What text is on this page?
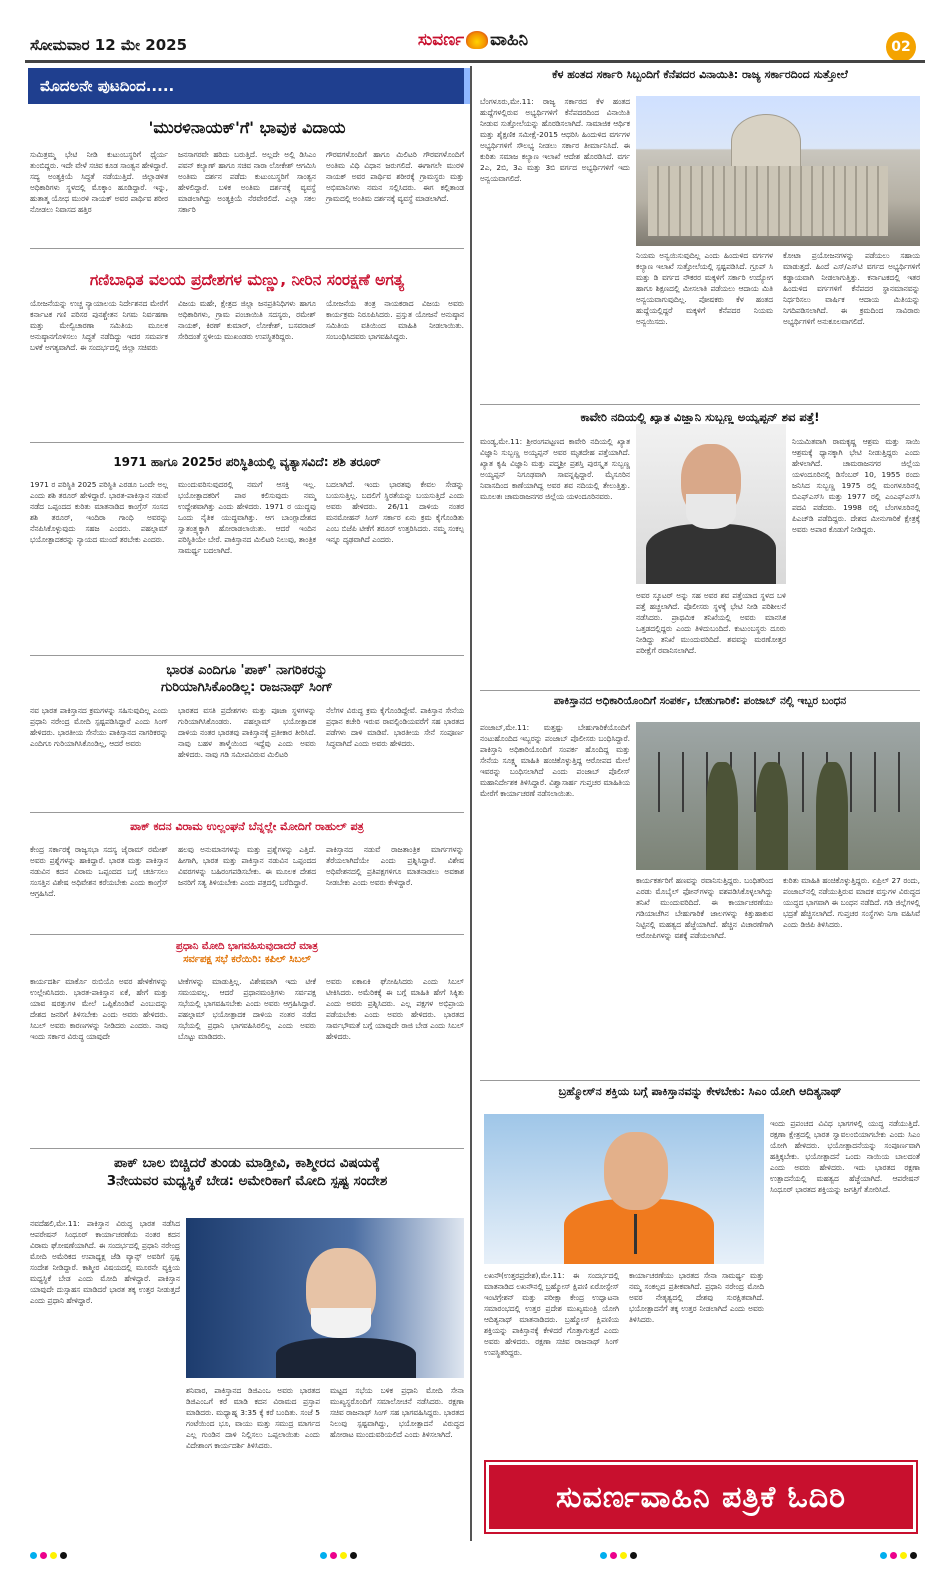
ಸೋಮವಾರ 12 ಮೇ 2025	ಸುವರ್ಣ ವಾಹಿನಿ	02
ಮೊದಲನೇ ಪುಟದಿಂದ.....
'ಮುರಳಿನಾಯಕ್'ಗೆ' ಭಾವುಕ ವಿದಾಯ
ಸುಮಿತ್ರಮ್ಮ ಭೇಟಿ ನೀಡಿ ಕುಟುಂಬಸ್ಥರಿಗೆ ಧೈರ್ಯ ತುಂಬಿದ್ದರು. ಇದೇ ವೇಳೆ ಸಚಿವ ಕೂಡ ಸಾಂತ್ವನ ಹೇಳಿದ್ದಾರೆ. ಸದ್ಯ ಅಂತ್ಯಕ್ರಿಯೆ ಸಿದ್ಧತೆ ನಡೆಯುತ್ತಿದೆ. ಜಿಲ್ಲಾಡಳಿತ ಅಧಿಕಾರಿಗಳು ಸ್ಥಳದಲ್ಲಿ ಮೊಕ್ಕಾಂ ಹೂಡಿದ್ದಾರೆ. ಇನ್ನು, ಹುತಾತ್ಮ ಯೋಧ ಮುರಳಿ ನಾಯಕ್ ಅವರ ಪಾರ್ಥಿವ ಶರೀರ ನೋಡಲು ನಿವಾಸದ ಹತ್ತಿರ
ಜನಸಾಗರವೇ ಹರಿದು ಬರುತ್ತಿದೆ. ಅಲ್ಲದೇ ಅಲ್ಲಿ ಡಿಸಿಎಂ ಪವನ್ ಕಲ್ಯಾಣ್ ಹಾಗೂ ಸಚಿವ ನಾರಾ ಲೋಕೇಶ್ ಆಗಮಿಸಿ ಅಂತಿಮ ದರ್ಶನ ಪಡೆದು ಕುಟುಂಬಸ್ಥರಿಗೆ ಸಾಂತ್ವನ ಹೇಳಲಿದ್ದಾರೆ. ಬಳಿಕ ಅಂತಿಮ ದರ್ಶನಕ್ಕೆ ವ್ಯವಸ್ಥೆ ಮಾಡಲಾಗಿದ್ದು ಅಂತ್ಯಕ್ರಿಯೆ ನೆರವೇರಲಿದೆ. ಎಲ್ಲಾ ಸಕಲ ಸರ್ಕಾರಿ
ಗೌರವಗಳೊಂದಿಗೆ ಹಾಗೂ ಮಿಲಿಟರಿ ಗೌರವಗಳೊಂದಿಗೆ ಅಂತಿಮ ವಿಧಿ ವಿಧಾನ ಜರುಗಲಿದೆ. ಈಗಾಗಲೇ ಮುರಳಿ ನಾಯಕ್ ಅವರ ಪಾರ್ಥಿವ ಶರೀರಕ್ಕೆ ಗ್ರಾಮಸ್ಥರು ಮತ್ತು ಅಭಿಮಾನಿಗಳು ನಮನ ಸಲ್ಲಿಸಿದರು. ಈಗ ಕಲ್ಲಿತಾಂಡ ಗ್ರಾಮದಲ್ಲಿ ಅಂತಿಮ ದರ್ಶನಕ್ಕೆ ವ್ಯವಸ್ಥೆ ಮಾಡಲಾಗಿದೆ.
ಗಣಿಬಾಧಿತ ವಲಯ ಪ್ರದೇಶಗಳ ಮಣ್ಣು, ನೀರಿನ ಸಂರಕ್ಷಣೆ ಅಗತ್ಯ
ಯೋಜನೆಯನ್ನು ಉಚ್ಚ ನ್ಯಾಯಾಲಯ ನಿರ್ದೇಶನದ ಮೇರೆಗೆ ಕರ್ನಾಟಕ ಗಣಿ ಪರಿಸರ ಪುನಶ್ಚೇತನ ನಿಗಮ ನಿರ್ವಹಣಾ ಮತ್ತು ಮೇಲ್ವಿಚಾರಣಾ ಸಮಿತಿಯ ಮೂಲಕ ಅನುಷ್ಠಾನಗೊಳಿಸಲು ಸಿದ್ಧತೆ ನಡೆದಿದ್ದು ಇದರ ಸಮರ್ಪಕ ಬಳಕೆ ಅಗತ್ಯವಾಗಿದೆ. ಈ ಸಂದರ್ಭದಲ್ಲಿ ಜಿಲ್ಲಾ ಸಚಿವರು
ವಿಜಯ ಮಹೇ, ಕ್ಷೇತ್ರದ ಜಿಲ್ಲಾ ಜನಪ್ರತಿನಿಧಿಗಳು ಹಾಗೂ ಅಧಿಕಾರಿಗಳು, ಗ್ರಾಮ ಪಂಚಾಯಿತಿ ಸದಸ್ಯರು, ರಮೇಶ್ ನಾಯಕ್, ಕಿರಣ್ ಕುಮಾರ್, ಲೋಕೇಶ್, ಬಸವರಾಜ್ ಸೇರಿದಂತೆ ಸ್ಥಳೀಯ ಮುಖಂಡರು ಉಪಸ್ಥಿತರಿದ್ದರು.
ಯೋಜನೆಯ ತಂತ್ರ ನಾಯಕರಾದ ವಿಜಯ ಅವರು ಕಾರ್ಯಕ್ರಮ ನಿರೂಪಿಸಿದರು. ಪ್ರಸ್ತುತ ಯೋಜನೆ ಅನುಷ್ಠಾನ ಸಮಿತಿಯ ವತಿಯಿಂದ ಮಾಹಿತಿ ನೀಡಲಾಯಿತು. ಸಂಬಂಧಿಸಿದವರು ಭಾಗವಹಿಸಿದ್ದರು.
1971 ಹಾಗೂ 2025ರ ಪರಿಸ್ಥಿತಿಯಲ್ಲಿ ವ್ಯತ್ಯಾಸವಿದೆ: ಶಶಿ ತರೂರ್
1971 ರ ಪರಿಸ್ಥಿತಿ 2025 ಪರಿಸ್ಥಿತಿ ಎರಡೂ ಒಂದೇ ಅಲ್ಲ ಎಂದು ಶಶಿ ತರೂರ್ ಹೇಳಿದ್ದಾರೆ. ಭಾರತ-ಪಾಕಿಸ್ತಾನ ನಡುವೆ ನಡೆದ ಒಪ್ಪಂದದ ಕುರಿತು ಮಾತನಾಡಿದ ಕಾಂಗ್ರೆಸ್ ಸಂಸದ ಶಶಿ ತರೂರ್, ಇಂದಿರಾ ಗಾಂಧಿ ಅವರನ್ನು ನೆನಪಿಸಿಕೊಳ್ಳುವುದು ಸಹಜ ಎಂದರು. ಪಹಲ್ಗಾಮ್ ಭಯೋತ್ಪಾದಕರನ್ನು ನ್ಯಾಯದ ಮುಂದೆ ತರಬೇಕು ಎಂದರು.
ಮುಂದುವರಿಸುವುದರಲ್ಲಿ ನಮಗೆ ಆಸಕ್ತಿ ಇಲ್ಲ. ಭಯೋತ್ಪಾದಕರಿಗೆ ಪಾಠ ಕಲಿಸುವುದು ನಮ್ಮ ಉದ್ದೇಶವಾಗಿತ್ತು ಎಂದು ಹೇಳಿದರು. 1971 ರ ಯುದ್ಧವು ಒಂದು ನೈತಿಕ ಯುದ್ಧವಾಗಿತ್ತು. ಆಗ ಬಾಂಗ್ಲಾದೇಶದ ಸ್ವಾತಂತ್ರ್ಯಕ್ಕಾಗಿ ಹೋರಾಡಲಾಯಿತು. ಆದರೆ ಇಂದಿನ ಪರಿಸ್ಥಿತಿಯೇ ಬೇರೆ. ಪಾಕಿಸ್ತಾನದ ಮಿಲಿಟರಿ ನಿಲುವು, ತಾಂತ್ರಿಕ ಸಾಮರ್ಥ್ಯ ಬದಲಾಗಿದೆ.
ಬದಲಾಗಿದೆ. ಇಂದು ಭಾರತವು ಕೇವಲ ಸೇಡನ್ನು ಬಯಸುತ್ತಿಲ್ಲ. ಬದಲಿಗೆ ಸ್ಥಿರತೆಯನ್ನು ಬಯಸುತ್ತಿದೆ ಎಂದು ಅವರು ಹೇಳಿದರು. 26/11 ದಾಳಿಯ ನಂತರ ಮನಮೋಹನ್ ಸಿಂಗ್ ಸರ್ಕಾರ ಏನು ಕ್ರಮ ಕೈಗೊಂಡಿತು ಎಂಬ ಬಿಜೆಪಿ ಟೀಕೆಗೆ ತರೂರ್ ಉತ್ತರಿಸಿದರು. ನಮ್ಮ ಸಂಕಲ್ಪ ಇನ್ನೂ ದೃಢವಾಗಿದೆ ಎಂದರು.
ಭಾರತ ಎಂದಿಗೂ 'ಪಾಕ್' ನಾಗರಿಕರನ್ನು
ಗುರಿಯಾಗಿಸಿಕೊಂಡಿಲ್ಲ: ರಾಜನಾಥ್ ಸಿಂಗ್
ನವ ಭಾರತ ಪಾಕಿಸ್ತಾನದ ಕ್ರಮಗಳನ್ನು ಸಹಿಸುವುದಿಲ್ಲ ಎಂದು ಪ್ರಧಾನಿ ನರೇಂದ್ರ ಮೋದಿ ಸ್ಪಷ್ಟಪಡಿಸಿದ್ದಾರೆ ಎಂದು ಸಿಂಗ್ ಹೇಳಿದರು. ಭಾರತೀಯ ಸೇನೆಯು ಪಾಕಿಸ್ತಾನದ ನಾಗರಿಕರನ್ನು ಎಂದಿಗೂ ಗುರಿಯಾಗಿಸಿಕೊಂಡಿಲ್ಲ, ಆದರೆ ಅವರು
ಭಾರತದ ವಸತಿ ಪ್ರದೇಶಗಳು ಮತ್ತು ಪೂಜಾ ಸ್ಥಳಗಳನ್ನು ಗುರಿಯಾಗಿಸಿಕೊಂಡರು. ಪಹಲ್ಗಾಮ್ ಭಯೋತ್ಪಾದಕ ದಾಳಿಯ ನಂತರ ಭಾರತವು ಪಾಕಿಸ್ತಾನಕ್ಕೆ ಪ್ರತೀಕಾರ ತೀರಿಸಿದೆ. ನಾವು ಬಹಳ ತಾಳ್ಮೆಯಿಂದ ಇದ್ದೆವು ಎಂದು ಅವರು ಹೇಳಿದರು. ನಾವು ಗಡಿ ಸಮೀಪವಿರುವ ಮಿಲಿಟರಿ
ನೆಲೆಗಳ ವಿರುದ್ಧ ಕ್ರಮ ಕೈಗೊಂಡಿದ್ದೇವೆ. ಪಾಕಿಸ್ತಾನ ಸೇನೆಯ ಪ್ರಧಾನ ಕಚೇರಿ ಇರುವ ರಾವಲ್ಪಿಂಡಿಯವರೆಗೆ ಸಹ ಭಾರತದ ಪಡೆಗಳು ದಾಳಿ ಮಾಡಿವೆ. ಭಾರತೀಯ ಸೇನೆ ಸಂಪೂರ್ಣ ಸಿದ್ಧವಾಗಿದೆ ಎಂದು ಅವರು ಹೇಳಿದರು.
ಪಾಕ್ ಕದನ ವಿರಾಮ ಉಲ್ಲಂಘನೆ ಬೆನ್ನಲ್ಲೇ ಮೋದಿಗೆ ರಾಹುಲ್ ಪತ್ರ
ಕೇಂದ್ರ ಸರ್ಕಾರಕ್ಕೆ ರಾಜ್ಯಸಭಾ ಸದಸ್ಯ ಜೈರಾಮ್ ರಮೇಶ್ ಅವರು ಪ್ರಶ್ನೆಗಳನ್ನು ಹಾಕಿದ್ದಾರೆ. ಭಾರತ ಮತ್ತು ಪಾಕಿಸ್ತಾನ ನಡುವಿನ ಕದನ ವಿರಾಮ ಒಪ್ಪಂದದ ಬಗ್ಗೆ ಚರ್ಚಿಸಲು ಸಂಸತ್ತಿನ ವಿಶೇಷ ಅಧಿವೇಶನ ಕರೆಯಬೇಕು ಎಂದು ಕಾಂಗ್ರೆಸ್ ಆಗ್ರಹಿಸಿದೆ.
ಹಲವು ಅನುಮಾನಗಳನ್ನು ಮತ್ತು ಪ್ರಶ್ನೆಗಳನ್ನು ಎತ್ತಿದೆ. ಹೀಗಾಗಿ, ಭಾರತ ಮತ್ತು ಪಾಕಿಸ್ತಾನ ನಡುವಿನ ಒಪ್ಪಂದದ ವಿವರಗಳನ್ನು ಬಹಿರಂಗಪಡಿಸಬೇಕು. ಈ ಮೂಲಕ ದೇಶದ ಜನರಿಗೆ ಸತ್ಯ ತಿಳಿಯಬೇಕು ಎಂದು ಪತ್ರದಲ್ಲಿ ಬರೆದಿದ್ದಾರೆ.
ಪಾಕಿಸ್ತಾನದ ನಡುವೆ ರಾಜತಾಂತ್ರಿಕ ಮಾರ್ಗಗಳನ್ನು ತೆರೆಯಲಾಗಿದೆಯೇ ಎಂದು ಪ್ರಶ್ನಿಸಿದ್ದಾರೆ. ವಿಶೇಷ ಅಧಿವೇಶನದಲ್ಲಿ ಪ್ರತಿಪಕ್ಷಗಳಿಗೂ ಮಾತನಾಡಲು ಅವಕಾಶ ನೀಡಬೇಕು ಎಂದು ಅವರು ಕೇಳಿದ್ದಾರೆ.
ಪ್ರಧಾನಿ ಮೋದಿ ಭಾಗವಹಿಸುವುದಾದರೆ ಮಾತ್ರ
ಸರ್ವಪಕ್ಷ ಸಭೆ ಕರೆಯಿರಿ: ಕಪಿಲ್ ಸಿಬಲ್
ಕಾರ್ಯದರ್ಶಿ ಮಾರ್ಕೊ ರುಬಿಯೊ ಅವರ ಹೇಳಿಕೆಗಳನ್ನು ಉಲ್ಲೇಖಿಸಿದರು. ಭಾರತ-ಪಾಕಿಸ್ತಾನ ಏಕೆ, ಹೇಗೆ ಮತ್ತು ಯಾವ ಷರತ್ತುಗಳ ಮೇಲೆ ಒಪ್ಪಿಕೊಂಡಿವೆ ಎಂಬುದನ್ನು ದೇಶದ ಜನರಿಗೆ ತಿಳಿಸಬೇಕು ಎಂದು ಅವರು ಹೇಳಿದರು. ಸಿಬಲ್ ಅವರು ಕಾರಣಗಳನ್ನು ನೀಡಿದರು ಎಂದರು. ನಾವು ಇಂದು ಸರ್ಕಾರ ವಿರುದ್ಧ ಯಾವುದೇ
ಟೀಕೆಗಳನ್ನು ಮಾಡುತ್ತಿಲ್ಲ. ವಿಶೇಷವಾಗಿ ಇದು ಟೀಕೆ ಸಮಯವಲ್ಲ. ಆದರೆ ಪ್ರಧಾನಮಂತ್ರಿಗಳು ಸರ್ವಪಕ್ಷ ಸಭೆಯಲ್ಲಿ ಭಾಗವಹಿಸಬೇಕು ಎಂದು ಅವರು ಆಗ್ರಹಿಸಿದ್ದಾರೆ. ಪಹಲ್ಗಾಮ್ ಭಯೋತ್ಪಾದಕ ದಾಳಿಯ ನಂತರ ನಡೆದ ಸಭೆಯಲ್ಲಿ ಪ್ರಧಾನಿ ಭಾಗವಹಿಸಿರಲಿಲ್ಲ ಎಂದು ಅವರು ಬೊಟ್ಟು ಮಾಡಿದರು.
ಅವರು ಏಕಾಏಕಿ ಘೋಷಿಸಿದರು ಎಂದು ಸಿಬಲ್ ಟೀಕಿಸಿದರು. ಅಮೆರಿಕಕ್ಕೆ ಈ ಬಗ್ಗೆ ಮಾಹಿತಿ ಹೇಗೆ ಸಿಕ್ಕಿತು ಎಂದು ಅವರು ಪ್ರಶ್ನಿಸಿದರು. ಎಲ್ಲ ಪಕ್ಷಗಳ ಅಭಿಪ್ರಾಯ ಪಡೆಯಬೇಕು ಎಂದು ಅವರು ಹೇಳಿದರು. ಭಾರತದ ಸಾರ್ವಭೌಮತೆ ಬಗ್ಗೆ ಯಾವುದೇ ರಾಜಿ ಬೇಡ ಎಂದು ಸಿಬಲ್ ಹೇಳಿದರು.
ಪಾಕ್ ಬಾಲ ಬಿಚ್ಚಿದರೆ ತುಂಡು ಮಾಡ್ತೀವಿ, ಕಾಶ್ಮೀರದ ವಿಷಯಕ್ಕೆ
3ನೇಯವರ ಮಧ್ಯಸ್ಥಿಕೆ ಬೇಡ: ಅಮೇರಿಕಾಗೆ ಮೋದಿ ಸ್ಪಷ್ಟ ಸಂದೇಶ
ನವದೆಹಲಿ,ಮೇ.11: ಪಾಕಿಸ್ತಾನ ವಿರುದ್ಧ ಭಾರತ ನಡೆಸಿದ ಆಪರೇಷನ್ ಸಿಂಧೂರ್ ಕಾರ್ಯಾಚರಣೆಯ ನಂತರ ಕದನ ವಿರಾಮ ಘೋಷಣೆಯಾಗಿದೆ. ಈ ಸಂದರ್ಭದಲ್ಲಿ ಪ್ರಧಾನಿ ನರೇಂದ್ರ ಮೋದಿ ಅಮೆರಿಕದ ಉಪಾಧ್ಯಕ್ಷ ಜೆಡಿ ವ್ಯಾನ್ಸ್ ಅವರಿಗೆ ಸ್ಪಷ್ಟ ಸಂದೇಶ ನೀಡಿದ್ದಾರೆ. ಕಾಶ್ಮೀರ ವಿಷಯದಲ್ಲಿ ಮೂರನೇ ವ್ಯಕ್ತಿಯ ಮಧ್ಯಸ್ಥಿಕೆ ಬೇಡ ಎಂದು ಮೋದಿ ಹೇಳಿದ್ದಾರೆ. ಪಾಕಿಸ್ತಾನ ಯಾವುದೇ ದುಸ್ಸಾಹಸ ಮಾಡಿದರೆ ಭಾರತ ತಕ್ಕ ಉತ್ತರ ನೀಡುತ್ತದೆ ಎಂದು ಪ್ರಧಾನಿ ಹೇಳಿದ್ದಾರೆ.
ಶನಿವಾರ, ಪಾಕಿಸ್ತಾನದ ಡಿಜಿಎಂಒ ಅವರು ಭಾರತದ ಡಿಜಿಎಂಒಗೆ ಕರೆ ಮಾಡಿ ಕದನ ವಿರಾಮದ ಪ್ರಸ್ತಾಪ ಮಾಡಿದರು. ಮಧ್ಯಾಹ್ನ 3:35 ಕ್ಕೆ ಕರೆ ಬಂದಿತು. ಸಂಜೆ 5 ಗಂಟೆಯಿಂದ ಭೂ, ವಾಯು ಮತ್ತು ಸಮುದ್ರ ಮಾರ್ಗದ ಎಲ್ಲ ಗುಂಡಿನ ದಾಳಿ ನಿಲ್ಲಿಸಲು ಒಪ್ಪಲಾಯಿತು ಎಂದು ವಿದೇಶಾಂಗ ಕಾರ್ಯದರ್ಶಿ ತಿಳಿಸಿದರು.
ಮಟ್ಟದ ಸಭೆಯ ಬಳಿಕ ಪ್ರಧಾನಿ ಮೋದಿ ಸೇನಾ ಮುಖ್ಯಸ್ಥರೊಂದಿಗೆ ಸಮಾಲೋಚನೆ ನಡೆಸಿದರು. ರಕ್ಷಣಾ ಸಚಿವ ರಾಜನಾಥ್ ಸಿಂಗ್ ಸಹ ಭಾಗವಹಿಸಿದ್ದರು. ಭಾರತದ ನಿಲುವು ಸ್ಪಷ್ಟವಾಗಿದ್ದು, ಭಯೋತ್ಪಾದನೆ ವಿರುದ್ಧದ ಹೋರಾಟ ಮುಂದುವರಿಯಲಿದೆ ಎಂದು ತಿಳಿಸಲಾಗಿದೆ.
ಕೆಳ ಹಂತದ ಸರ್ಕಾರಿ ಸಿಬ್ಬಂದಿಗೆ ಕೆನೆಪದರ ವಿನಾಯಿತಿ: ರಾಜ್ಯ ಸರ್ಕಾರದಿಂದ ಸುತ್ತೋಲೆ
ಬೆಂಗಳೂರು,ಮೇ.11: ರಾಜ್ಯ ಸರ್ಕಾರದ ಕೆಳ ಹಂತದ ಹುದ್ದೆಗಳಲ್ಲಿರುವ ಅಭ್ಯರ್ಥಿಗಳಿಗೆ ಕೆನೆಪದರದಿಂದ ವಿನಾಯಿತಿ ನೀಡುವ ಸುತ್ತೋಲೆಯನ್ನು ಹೊರಡಿಸಲಾಗಿದೆ. ಸಾಮಾಜಿಕ ಆರ್ಥಿಕ ಮತ್ತು ಶೈಕ್ಷಣಿಕ ಸಮೀಕ್ಷೆ-2015 ಆಧರಿಸಿ ಹಿಂದುಳಿದ ವರ್ಗಗಳ ಅಭ್ಯರ್ಥಿಗಳಿಗೆ ಸೌಲಭ್ಯ ನೀಡಲು ಸರ್ಕಾರ ತೀರ್ಮಾನಿಸಿದೆ. ಈ ಕುರಿತು ಸಮಾಜ ಕಲ್ಯಾಣ ಇಲಾಖೆ ಆದೇಶ ಹೊರಡಿಸಿದೆ. ವರ್ಗ 2ಎ, 2ಬಿ, 3ಎ ಮತ್ತು 3ಬಿ ವರ್ಗದ ಅಭ್ಯರ್ಥಿಗಳಿಗೆ ಇದು ಅನ್ವಯವಾಗಲಿದೆ.
ನಿಯಮ ಅನ್ವಯಿಸುವುದಿಲ್ಲ ಎಂದು ಹಿಂದುಳಿದ ವರ್ಗಗಳ ಕಲ್ಯಾಣ ಇಲಾಖೆ ಸುತ್ತೋಲೆಯಲ್ಲಿ ಸ್ಪಷ್ಟಪಡಿಸಿದೆ. ಗ್ರೂಪ್ ಸಿ ಮತ್ತು ಡಿ ವರ್ಗದ ನೌಕರರ ಮಕ್ಕಳಿಗೆ ಸರ್ಕಾರಿ ಉದ್ಯೋಗ ಹಾಗೂ ಶಿಕ್ಷಣದಲ್ಲಿ ಮೀಸಲಾತಿ ಪಡೆಯಲು ಆದಾಯ ಮಿತಿ ಅನ್ವಯವಾಗುವುದಿಲ್ಲ. ಪೋಷಕರು ಕೆಳ ಹಂತದ ಹುದ್ದೆಯಲ್ಲಿದ್ದರೆ ಮಕ್ಕಳಿಗೆ ಕೆನೆಪದರ ನಿಯಮ ಅನ್ವಯಿಸದು.
ಕೋಟಾ ಪ್ರಯೋಜನಗಳನ್ನು ಪಡೆಯಲು ಸಹಾಯ ಮಾಡುತ್ತದೆ. ಹಿಂದೆ ಎಸ್‌/ಎಸ್‌ಟಿ ವರ್ಗದ ಅಭ್ಯರ್ಥಿಗಳಿಗೆ ಕಡ್ಡಾಯವಾಗಿ ನೀಡಲಾಗುತ್ತಿತ್ತು. ಕರ್ನಾಟಕದಲ್ಲಿ ಇತರ ಹಿಂದುಳಿದ ವರ್ಗಗಳಿಗೆ ಕೆನೆಪದರ ಸ್ಥಾನಮಾನವನ್ನು ನಿರ್ಧರಿಸಲು ವಾರ್ಷಿಕ ಆದಾಯ ಮಿತಿಯನ್ನು ನಿಗದಿಪಡಿಸಲಾಗಿದೆ. ಈ ಕ್ರಮದಿಂದ ಸಾವಿರಾರು ಅಭ್ಯರ್ಥಿಗಳಿಗೆ ಅನುಕೂಲವಾಗಲಿದೆ.
ಕಾವೇರಿ ನದಿಯಲ್ಲಿ ಖ್ಯಾತ ವಿಜ್ಞಾನಿ ಸುಬ್ಬಣ್ಣ ಅಯ್ಯಪ್ಪನ್ ಶವ ಪತ್ತೆ!
ಮಂಡ್ಯ,ಮೇ.11: ಶ್ರೀರಂಗಪಟ್ಟಣದ ಕಾವೇರಿ ನದಿಯಲ್ಲಿ ಖ್ಯಾತ ವಿಜ್ಞಾನಿ ಸುಬ್ಬಣ್ಣ ಅಯ್ಯಪ್ಪನ್ ಅವರ ಮೃತದೇಹ ಪತ್ತೆಯಾಗಿದೆ. ಖ್ಯಾತ ಕೃಷಿ ವಿಜ್ಞಾನಿ ಮತ್ತು ಪದ್ಮಶ್ರೀ ಪ್ರಶಸ್ತಿ ಪುರಸ್ಕೃತ ಸುಬ್ಬಣ್ಣ ಅಯ್ಯಪ್ಪನ್ ನಿಗೂಢವಾಗಿ ಸಾವನ್ನಪ್ಪಿದ್ದಾರೆ. ಮೈಸೂರಿನ ನಿವಾಸದಿಂದ ಕಾಣೆಯಾಗಿದ್ದ ಅವರ ಶವ ನದಿಯಲ್ಲಿ ತೇಲುತ್ತಿತ್ತು. ಮೂಲತಃ ಚಾಮರಾಜನಗರ ಜಿಲ್ಲೆಯ ಯಳಂದೂರಿನವರು.
ನಿಯಮಿತವಾಗಿ ರಾಮಕೃಷ್ಣ ಆಶ್ರಮ ಮತ್ತು ಸಾಯಿ ಆಶ್ರಮಕ್ಕೆ ಧ್ಯಾನಕ್ಕಾಗಿ ಭೇಟಿ ನೀಡುತ್ತಿದ್ದರು ಎಂದು ಹೇಳಲಾಗಿದೆ. ಚಾಮರಾಜನಗರ ಜಿಲ್ಲೆಯ ಯಳಂದೂರಿನಲ್ಲಿ ಡಿಸೆಂಬರ್ 10, 1955 ರಂದು ಜನಿಸಿದ ಸುಬ್ಬಣ್ಣ 1975 ರಲ್ಲಿ ಮಂಗಳೂರಿನಲ್ಲಿ ಬಿಎಫ್‌ಎಸ್‌ಸಿ ಮತ್ತು 1977 ರಲ್ಲಿ ಎಂಎಫ್‌ಎಸ್‌ಸಿ ಪದವಿ ಪಡೆದರು. 1998 ರಲ್ಲಿ ಬೆಂಗಳೂರಿನಲ್ಲಿ ಪಿಎಚ್‌ಡಿ ಪಡೆದಿದ್ದರು. ದೇಶದ ಮೀನುಗಾರಿಕೆ ಕ್ಷೇತ್ರಕ್ಕೆ ಅವರು ಅಪಾರ ಕೊಡುಗೆ ನೀಡಿದ್ದರು.
ಅವರ ಸ್ಕೂಟರ್ ಅನ್ನು ಸಹ ಅವರ ಶವ ಪತ್ತೆಯಾದ ಸ್ಥಳದ ಬಳಿ ಪತ್ತೆ ಹಚ್ಚಲಾಗಿದೆ. ಪೊಲೀಸರು ಸ್ಥಳಕ್ಕೆ ಭೇಟಿ ನೀಡಿ ಪರಿಶೀಲನೆ ನಡೆಸಿದರು. ಪ್ರಾಥಮಿಕ ತನಿಖೆಯಲ್ಲಿ ಅವರು ಮಾನಸಿಕ ಒತ್ತಡದಲ್ಲಿದ್ದರು ಎಂದು ತಿಳಿದುಬಂದಿದೆ. ಕುಟುಂಬಸ್ಥರು ದೂರು ನೀಡಿದ್ದು ತನಿಖೆ ಮುಂದುವರಿದಿದೆ. ಶವವನ್ನು ಮರಣೋತ್ತರ ಪರೀಕ್ಷೆಗೆ ರವಾನಿಸಲಾಗಿದೆ.
ಪಾಕಿಸ್ತಾನದ ಅಧಿಕಾರಿಯೊಂದಿಗೆ ಸಂಪರ್ಕ, ಬೇಹುಗಾರಿಕೆ: ಪಂಜಾಬ್ ನಲ್ಲಿ ಇಬ್ಬರ ಬಂಧನ
ಪಂಜಾಬ್,ಮೇ.11: ಮತ್ತಷ್ಟು ಬೇಹುಗಾರಿಕೆಯೊಂದಿಗೆ ನಂಟುಹೊಂದಿದ ಇಬ್ಬರನ್ನು ಪಂಜಾಬ್ ಪೊಲೀಸರು ಬಂಧಿಸಿದ್ದಾರೆ. ಪಾಕಿಸ್ತಾನಿ ಅಧಿಕಾರಿಯೊಂದಿಗೆ ಸಂಪರ್ಕ ಹೊಂದಿದ್ದ ಮತ್ತು ಸೇನೆಯ ಸೂಕ್ಷ್ಮ ಮಾಹಿತಿ ಹಂಚಿಕೊಳ್ಳುತ್ತಿದ್ದ ಆರೋಪದ ಮೇಲೆ ಇವರನ್ನು ಬಂಧಿಸಲಾಗಿದೆ ಎಂದು ಪಂಜಾಬ್ ಪೊಲೀಸ್ ಮಹಾನಿರ್ದೇಶಕ ತಿಳಿಸಿದ್ದಾರೆ. ವಿಶ್ವಾಸಾರ್ಹ ಗುಪ್ತಚರ ಮಾಹಿತಿಯ ಮೇರೆಗೆ ಕಾರ್ಯಾಚರಣೆ ನಡೆಸಲಾಯಿತು.
ಕಾರ್ಯಕರ್ತರಿಗೆ ಹಣವನ್ನು ರವಾನಿಸುತ್ತಿದ್ದರು. ಬಂಧಿತರಿಂದ ಎರಡು ಮೊಬೈಲ್ ಫೋನ್‌ಗಳನ್ನು ವಶಪಡಿಸಿಕೊಳ್ಳಲಾಗಿದ್ದು ತನಿಖೆ ಮುಂದುವರಿದಿದೆ. ಈ ಕಾರ್ಯಾಚರಣೆಯು ಗಡಿಯಾಚೆಗಿನ ಬೇಹುಗಾರಿಕೆ ಜಾಲಗಳನ್ನು ಕಿತ್ತುಹಾಕುವ ನಿಟ್ಟಿನಲ್ಲಿ ಮಹತ್ವದ ಹೆಜ್ಜೆಯಾಗಿದೆ. ಹೆಚ್ಚಿನ ವಿಚಾರಣೆಗಾಗಿ ಆರೋಪಿಗಳನ್ನು ವಶಕ್ಕೆ ಪಡೆಯಲಾಗಿದೆ.
ಕುರಿತು ಮಾಹಿತಿ ಹಂಚಿಕೊಳ್ಳುತ್ತಿದ್ದರು. ಏಪ್ರಿಲ್ 27 ರಂದು, ಪಂಜಾಬ್‌ನಲ್ಲಿ ನಡೆಯುತ್ತಿರುವ ಮಾದಕ ವಸ್ತುಗಳ ವಿರುದ್ಧದ ಯುದ್ಧದ ಭಾಗವಾಗಿ ಈ ಬಂಧನ ನಡೆದಿದೆ. ಗಡಿ ಜಿಲ್ಲೆಗಳಲ್ಲಿ ಭದ್ರತೆ ಹೆಚ್ಚಿಸಲಾಗಿದೆ. ಗುಪ್ತಚರ ಸಂಸ್ಥೆಗಳು ನಿಗಾ ವಹಿಸಿವೆ ಎಂದು ಡಿಜಿಪಿ ತಿಳಿಸಿದರು.
ಬ್ರಹ್ಮೋಸ್‌ನ ಶಕ್ತಿಯ ಬಗ್ಗೆ ಪಾಕಿಸ್ತಾನವನ್ನು ಕೇಳಬೇಕು: ಸಿಎಂ ಯೋಗಿ ಆದಿತ್ಯನಾಥ್
ಇಂದು ಪ್ರಪಂಚದ ವಿವಿಧ ಭಾಗಗಳಲ್ಲಿ ಯುದ್ಧ ನಡೆಯುತ್ತಿದೆ. ರಕ್ಷಣಾ ಕ್ಷೇತ್ರದಲ್ಲಿ ಭಾರತ ಸ್ವಾವಲಂಬಿಯಾಗಬೇಕು ಎಂದು ಸಿಎಂ ಯೋಗಿ ಹೇಳಿದರು. ಭಯೋತ್ಪಾದನೆಯನ್ನು ಸಂಪೂರ್ಣವಾಗಿ ಹತ್ತಿಕ್ಕಬೇಕು. ಭಯೋತ್ಪಾದನೆ ಒಂದು ನಾಯಿಯ ಬಾಲದಂತೆ ಎಂದು ಅವರು ಹೇಳಿದರು. ಇದು ಭಾರತದ ರಕ್ಷಣಾ ಉತ್ಪಾದನೆಯಲ್ಲಿ ಮಹತ್ವದ ಹೆಜ್ಜೆಯಾಗಿದೆ. ಆಪರೇಷನ್ ಸಿಂಧೂರ್ ಭಾರತದ ಶಕ್ತಿಯನ್ನು ಜಗತ್ತಿಗೆ ತೋರಿಸಿದೆ.
ಲಖನೌ(ಉತ್ತರಪ್ರದೇಶ),ಮೇ.11: ಈ ಸಂದರ್ಭದಲ್ಲಿ ಮಾತನಾಡಿದ ಲಖನೌನಲ್ಲಿ ಬ್ರಹ್ಮೋಸ್ ಕ್ಷಿಪಣಿ ಏರೋಸ್ಪೇಸ್ ಇಂಟಿಗ್ರೇಶನ್ ಮತ್ತು ಪರೀಕ್ಷಾ ಕೇಂದ್ರ ಉದ್ಘಾಟನಾ ಸಮಾರಂಭದಲ್ಲಿ ಉತ್ತರ ಪ್ರದೇಶ ಮುಖ್ಯಮಂತ್ರಿ ಯೋಗಿ ಆದಿತ್ಯನಾಥ್ ಮಾತನಾಡಿದರು. ಬ್ರಹ್ಮೋಸ್ ಕ್ಷಿಪಣಿಯ ಶಕ್ತಿಯನ್ನು ಪಾಕಿಸ್ತಾನಕ್ಕೆ ಕೇಳಿದರೆ ಗೊತ್ತಾಗುತ್ತದೆ ಎಂದು ಅವರು ಹೇಳಿದರು. ರಕ್ಷಣಾ ಸಚಿವ ರಾಜನಾಥ್ ಸಿಂಗ್ ಉಪಸ್ಥಿತರಿದ್ದರು.
ಕಾರ್ಯಾಚರಣೆಯು ಭಾರತದ ಸೇನಾ ಸಾಮರ್ಥ್ಯ ಮತ್ತು ನಮ್ಮ ಸಂಕಲ್ಪದ ಪ್ರತೀಕವಾಗಿದೆ. ಪ್ರಧಾನಿ ನರೇಂದ್ರ ಮೋದಿ ಅವರ ನೇತೃತ್ವದಲ್ಲಿ ದೇಶವು ಸುರಕ್ಷಿತವಾಗಿದೆ. ಭಯೋತ್ಪಾದನೆಗೆ ತಕ್ಕ ಉತ್ತರ ನೀಡಲಾಗಿದೆ ಎಂದು ಅವರು ತಿಳಿಸಿದರು.
ಸುವರ್ಣವಾಹಿನಿ ಪತ್ರಿಕೆ ಓದಿರಿ
